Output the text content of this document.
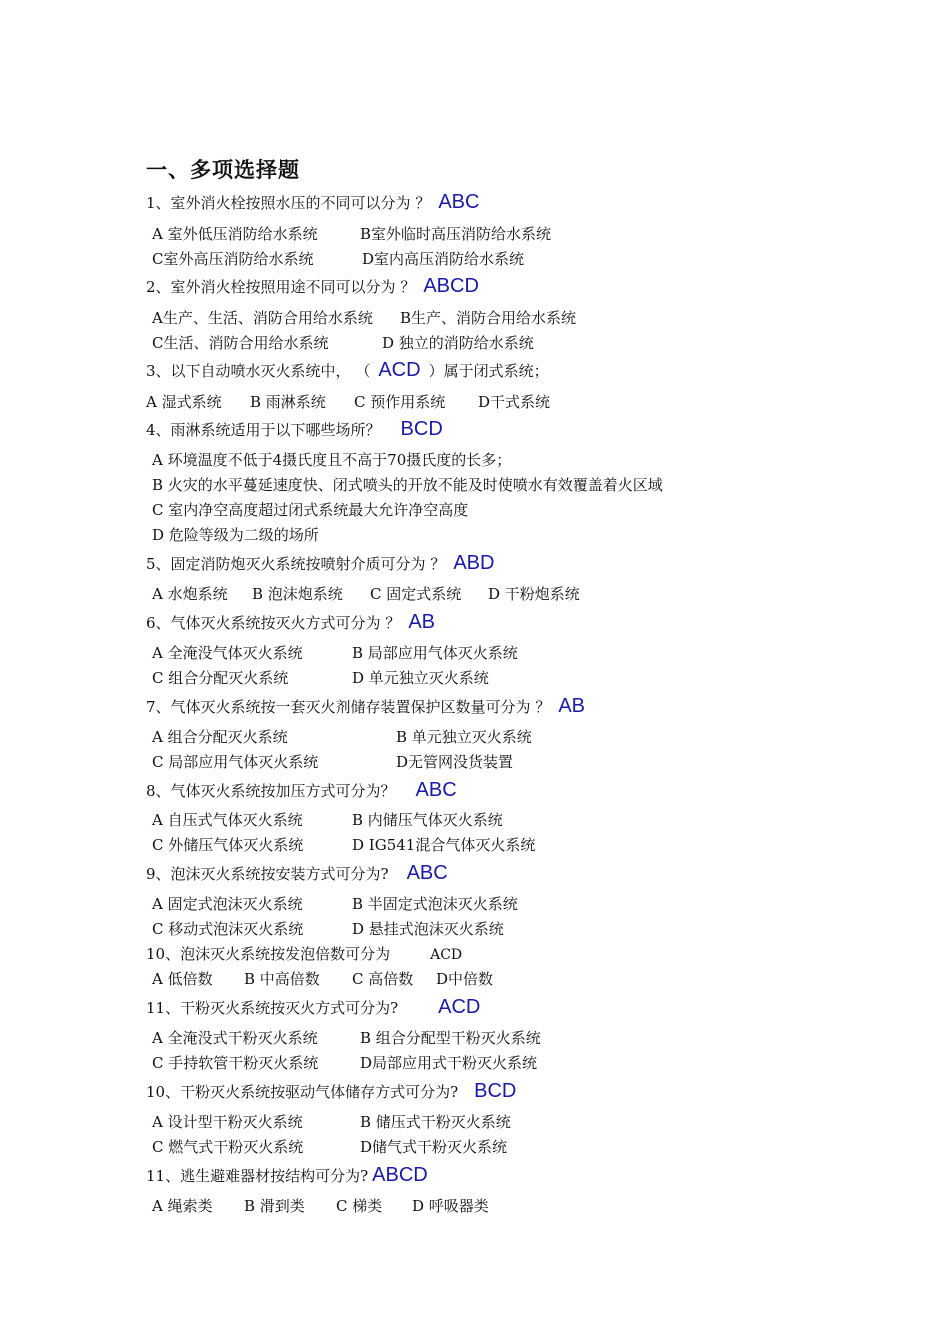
一、多项选择题
1、室外消火栓按照水压的不同可以分为 ？ ABC
A 室外低压消防给水系统	B室外临时高压消防给水系统
C室外高压消防给水系统	D室内高压消防给水系统
2、室外消火栓按照用途不同可以分为 ？ ABCD
A生产、生活、消防合用给水系统 B生产、消防合用给水系统
C生活、消防合用给水系统	D 独立的消防给水系统
3、以下自动喷水灭火系统中， （ ACD ）属于闭式系统；
A 湿式系统 B 雨淋系统 C 预作用系统 D干式系统
4、雨淋系统适用于以下哪些场所？ BCD
A 环境温度不低于4摄氏度且不高于70摄氏度的长多；
B 火灾的水平蔓延速度快、闭式喷头的开放不能及时使喷水有效覆盖着火区域
C 室内净空高度超过闭式系统最大允许净空高度
D 危险等级为二级的场所
5、固定消防炮灭火系统按喷射介质可分为 ？ ABD
A 水炮系统 B 泡沫炮系统 C 固定式系统 D 干粉炮系统
6、气体灭火系统按灭火方式可分为 ？ AB
A 全淹没气体灭火系统	B 局部应用气体灭火系统
C 组合分配灭火系统	D 单元独立灭火系统
7、气体灭火系统按一套灭火剂储存装置保护区数量可分为 ？ AB
A 组合分配灭火系统	B 单元独立灭火系统
C 局部应用气体灭火系统	D无管网没货装置
8、气体灭火系统按加压方式可分为？ ABC
A 自压式气体灭火系统	B 内储压气体灭火系统
C 外储压气体灭火系统	D IG541混合气体灭火系统
9、泡沫灭火系统按安装方式可分为? ABC
A 固定式泡沫灭火系统	B 半固定式泡沫灭火系统
C 移动式泡沫灭火系统	D 悬挂式泡沫灭火系统
10、泡沫灭火系统按发泡倍数可分为	ACD
A 低倍数 B 中高倍数 C 高倍数 D中倍数
11、干粉灭火系统按灭火方式可分为? ACD
A 全淹没式干粉灭火系统	B 组合分配型干粉灭火系统
C 手持软管干粉灭火系统	D局部应用式干粉灭火系统
10、干粉灭火系统按驱动气体储存方式可分为? BCD
A 设计型干粉灭火系统	B 储压式干粉灭火系统
C 燃气式干粉灭火系统	D储气式干粉灭火系统
11、逃生避难器材按结构可分为? ABCD
A 绳索类 B 滑到类 C 梯类 D 呼吸器类
